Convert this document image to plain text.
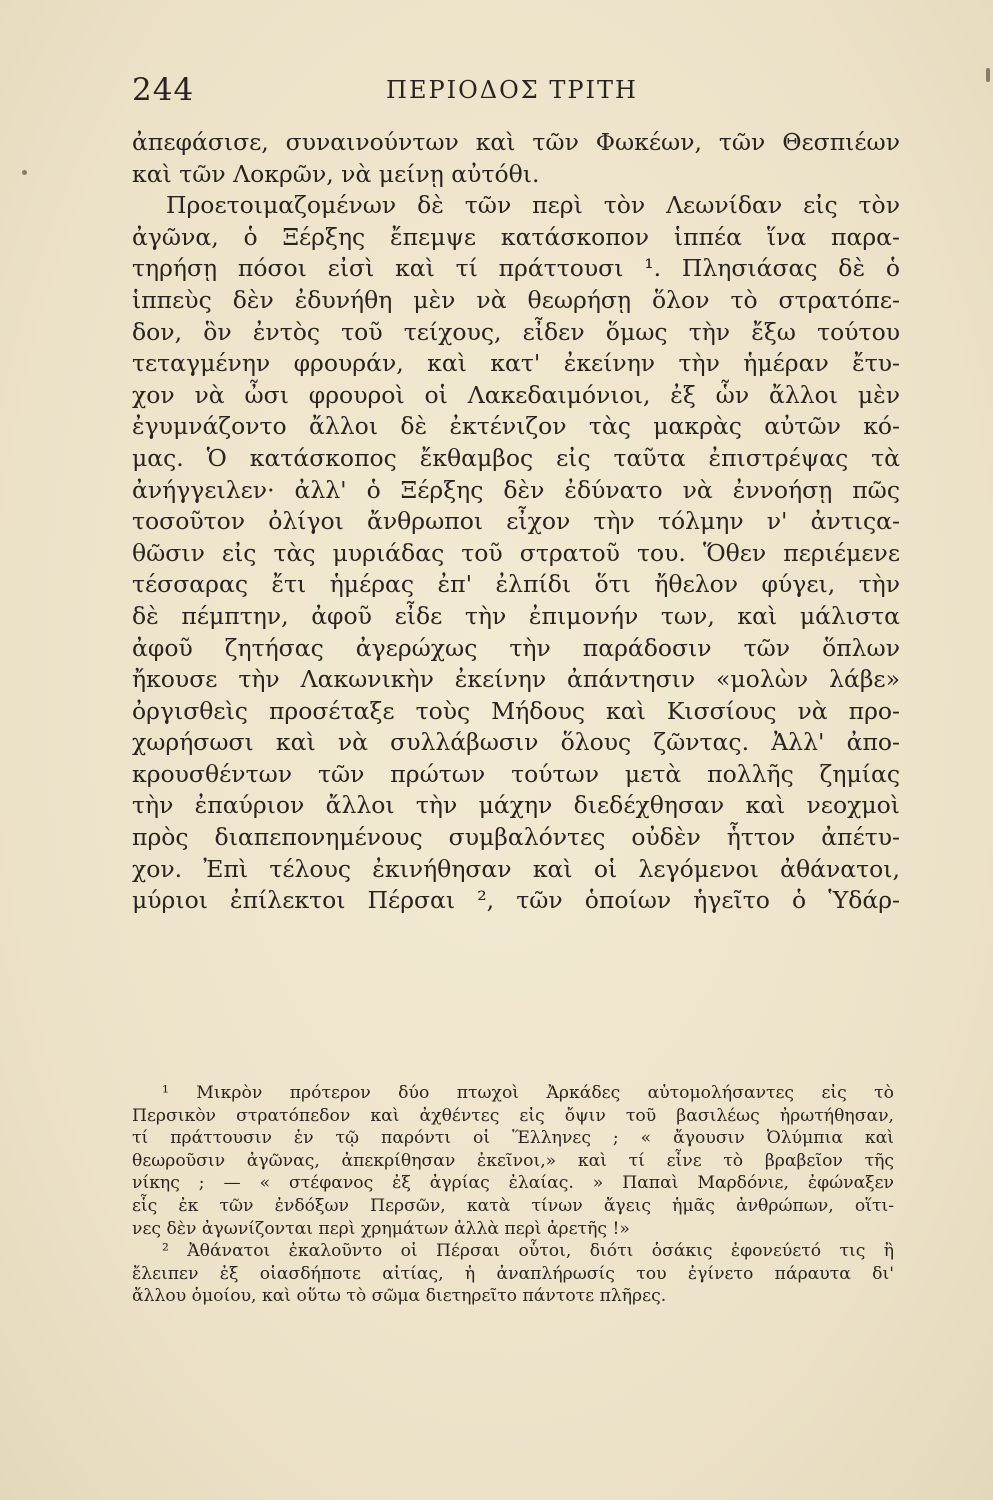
244	ΠΕΡΙΟΔΟΣ ΤΡΙΤΗ
ἀπεφάσισε, συναινούντων καὶ τῶν Φωκέων, τῶν Θεσπιέων
καὶ τῶν Λοκρῶν, νὰ μείνῃ αὐτόθι.
Προετοιμαζομένων δὲ τῶν περὶ τὸν Λεωνίδαν εἰς τὸν
ἀγῶνα, ὁ Ξέρξης ἔπεμψε κατάσκοπον ἱππέα ἵνα παρα-
τηρήσῃ πόσοι εἰσὶ καὶ τί πράττουσι ¹. Πλησιάσας δὲ ὁ
ἱππεὺς δὲν ἐδυνήθη μὲν νὰ θεωρήσῃ ὅλον τὸ στρατόπε-
δον, ὃν ἐντὸς τοῦ τείχους, εἶδεν ὅμως τὴν ἔξω τούτου
τεταγμένην φρουράν, καὶ κατ' ἐκείνην τὴν ἡμέραν ἔτυ-
χον νὰ ὦσι φρουροὶ οἱ Λακεδαιμόνιοι, ἐξ ὧν ἄλλοι μὲν
ἐγυμνάζοντο ἄλλοι δὲ ἐκτένιζον τὰς μακρὰς αὐτῶν κό-
μας. Ὁ κατάσκοπος ἔκθαμβος εἰς ταῦτα ἐπιστρέψας τὰ
ἀνήγγειλεν· ἀλλ' ὁ Ξέρξης δὲν ἐδύνατο νὰ ἐννοήσῃ πῶς
τοσοῦτον ὀλίγοι ἄνθρωποι εἶχον τὴν τόλμην ν' ἀντιςα-
θῶσιν εἰς τὰς μυριάδας τοῦ στρατοῦ του. Ὅθεν περιέμενε
τέσσαρας ἔτι ἡμέρας ἐπ' ἐλπίδι ὅτι ἤθελον φύγει, τὴν
δὲ πέμπτην, ἀφοῦ εἶδε τὴν ἐπιμονήν των, καὶ μάλιστα
ἀφοῦ ζητήσας ἀγερώχως τὴν παράδοσιν τῶν ὅπλων
ἤκουσε τὴν Λακωνικὴν ἐκείνην ἀπάντησιν «μολὼν λάβε»
ὀργισθεὶς προσέταξε τοὺς Μήδους καὶ Κισσίους νὰ προ-
χωρήσωσι καὶ νὰ συλλάβωσιν ὅλους ζῶντας. Ἀλλ' ἀπο-
κρουσθέντων τῶν πρώτων τούτων μετὰ πολλῆς ζημίας
τὴν ἐπαύριον ἄλλοι τὴν μάχην διεδέχθησαν καὶ νεοχμοὶ
πρὸς διαπεπονημένους συμβαλόντες οὐδὲν ἧττον ἀπέτυ-
χον. Ἐπὶ τέλους ἐκινήθησαν καὶ οἱ λεγόμενοι ἀθάνατοι,
μύριοι ἐπίλεκτοι Πέρσαι ², τῶν ὁποίων ἡγεῖτο ὁ Ὑδάρ-
¹ Μικρὸν πρότερον δύο πτωχοὶ Ἀρκάδες αὐτομολήσαντες εἰς τὸ
Περσικὸν στρατόπεδον καὶ ἀχθέντες εἰς ὄψιν τοῦ βασιλέως ἠρωτήθησαν,
τί πράττουσιν ἐν τῷ παρόντι οἱ Ἕλληνες ; « ἄγουσιν Ὀλύμπια καὶ
θεωροῦσιν ἀγῶνας, ἀπεκρίθησαν ἐκεῖνοι,» καὶ τί εἶνε τὸ βραβεῖον τῆς
νίκης ; — « στέφανος ἐξ ἀγρίας ἐλαίας. » Παπαὶ Μαρδόνιε, ἐφώναξεν
εἷς ἐκ τῶν ἐνδόξων Περσῶν, κατὰ τίνων ἄγεις ἡμᾶς ἀνθρώπων, οἵτι-
νες δὲν ἀγωνίζονται περὶ χρημάτων ἀλλὰ περὶ ἀρετῆς !»
² Ἀθάνατοι ἐκαλοῦντο οἱ Πέρσαι οὗτοι, διότι ὁσάκις ἐφονεύετό τις ἢ
ἔλειπεν ἐξ οἱασδήποτε αἰτίας, ἡ ἀναπλήρωσίς του ἐγίνετο πάραυτα δι'
ἄλλου ὁμοίου, καὶ οὕτω τὸ σῶμα διετηρεῖτο πάντοτε πλῆρες.
